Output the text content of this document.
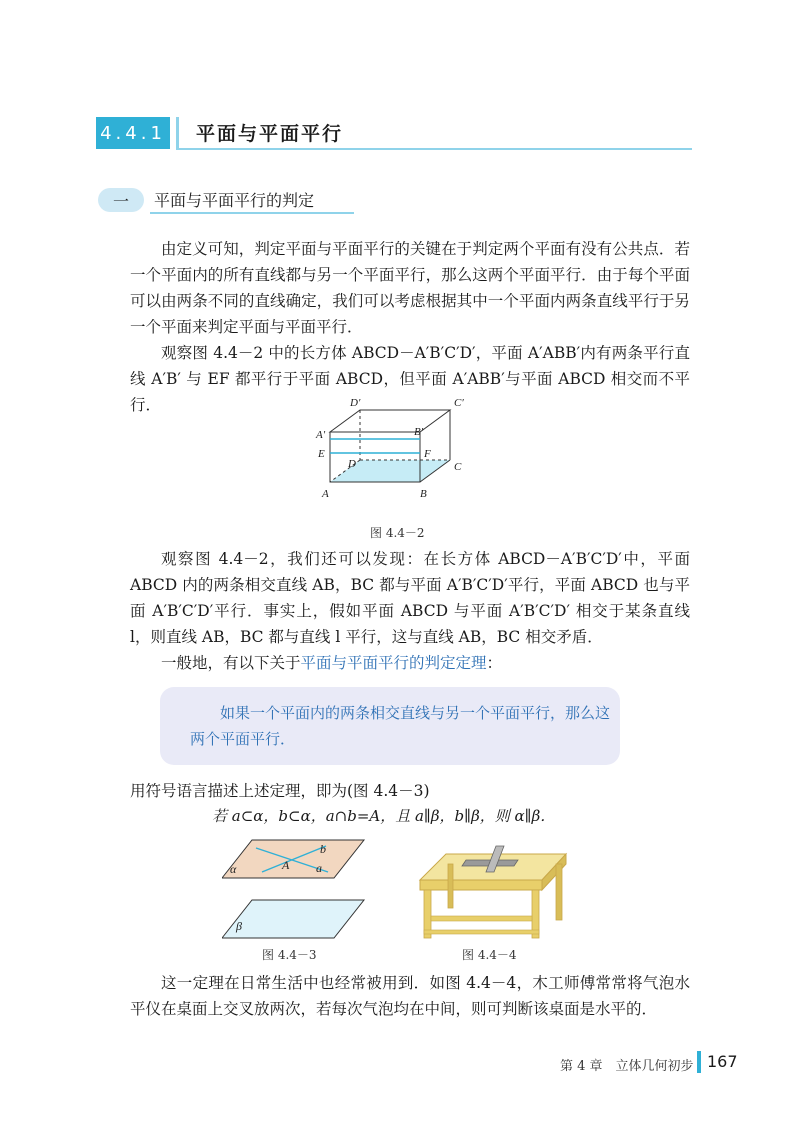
4.4.1 平面与平面平行
一	平面与平面平行的判定
由定义可知，判定平面与平面平行的关键在于判定两个平面有没有公共点．若一个平面内的所有直线都与另一个平面平行，那么这两个平面平行．由于每个平面可以由两条不同的直线确定，我们可以考虑根据其中一个平面内两条直线平行于另一个平面来判定平面与平面平行．
观察图 4.4－2 中的长方体 ABCD－A′B′C′D′，平面 A′ABB′内有两条平行直线 A′B′ 与 EF 都平行于平面 ABCD，但平面 A′ABB′与平面 ABCD 相交而不平行．	D′	C′
A′	B′
E	F
D	C
A	B
图 4.4－2
观察图 4.4－2，我们还可以发现：在长方体 ABCD－A′B′C′D′中，平面 ABCD 内的两条相交直线 AB，BC 都与平面 A′B′C′D′平行，平面 ABCD 也与平面 A′B′C′D′平行．事实上，假如平面 ABCD 与平面 A′B′C′D′ 相交于某条直线 l，则直线 AB，BC 都与直线 l 平行，这与直线 AB，BC 相交矛盾．
一般地，有以下关于平面与平面平行的判定定理：
如果一个平面内的两条相交直线与另一个平面平行，那么这两个平面平行．
用符号语言描述上述定理，即为(图 4.4－3)
若 a⊂α，b⊂α，a∩b=A，且 a∥β，b∥β，则 α∥β．
α	A a
b
β
图 4.4－3	图 4.4－4
这一定理在日常生活中也经常被用到．如图 4.4－4，木工师傅常常将气泡水平仪在桌面上交叉放两次，若每次气泡均在中间，则可判断该桌面是水平的．
第 4 章　立体几何初步 167
